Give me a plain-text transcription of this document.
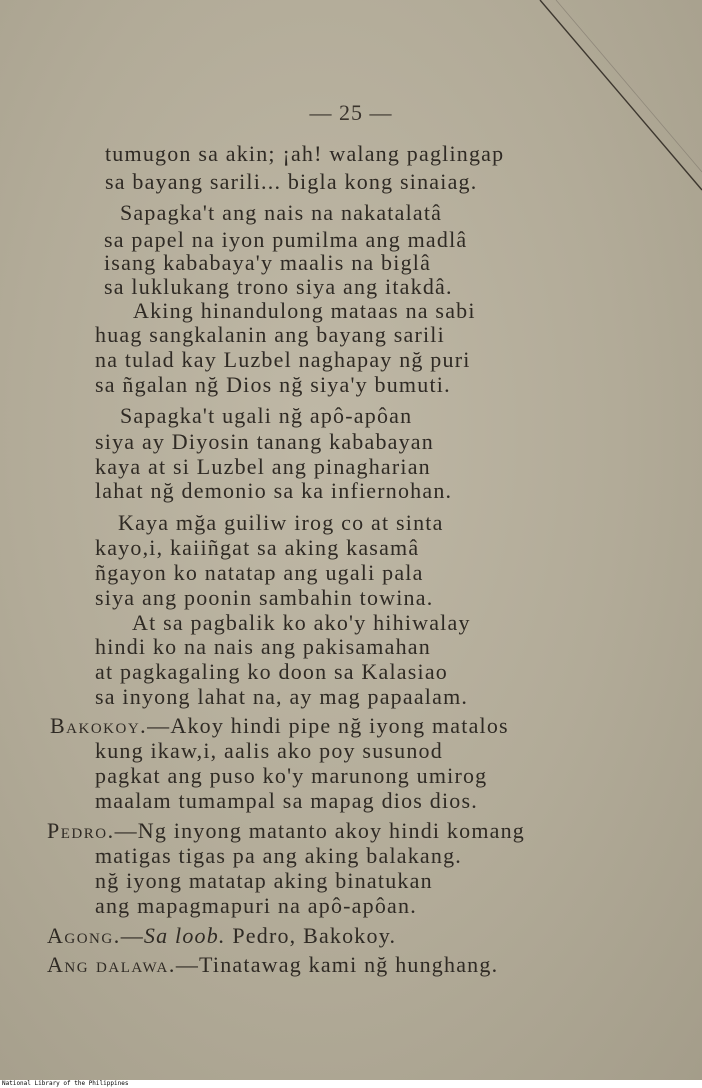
— 25 —
tumugon sa akin; ¡ah! walang paglingap
sa bayang sarili... bigla kong sinaiag.
Sapagka't ang nais na nakatalatâ
sa papel na iyon pumilma ang madlâ
isang kababaya'y maalis na biglâ
sa luklukang trono siya ang itakdâ.
Aking hinandulong mataas na sabi
huag sangkalanin ang bayang sarili
na tulad kay Luzbel naghapay nğ puri
sa ñgalan nğ Dios nğ siya'y bumuti.
Sapagka't ugali nğ apô-apôan
siya ay Diyosin tanang kababayan
kaya at si Luzbel ang pinagharian
lahat nğ demonio sa ka infiernohan.
Kaya mğa guiliw irog co at sinta
kayo,i, kaiiñgat sa aking kasamâ
ñgayon ko natatap ang ugali pala
siya ang poonin sambahin towina.
At sa pagbalik ko ako'y hihiwalay
hindi ko na nais ang pakisamahan
at pagkagaling ko doon sa Kalasiao
sa inyong lahat na, ay mag papaalam.
Bakokoy.—Akoy hindi pipe nğ iyong matalos
kung ikaw,i, aalis ako poy susunod
pagkat ang puso ko'y marunong umirog
maalam tumampal sa mapag dios dios.
Pedro.—Ng inyong matanto akoy hindi komang
matigas tigas pa ang aking balakang.
nğ iyong matatap aking binatukan
ang mapagmapuri na apô-apôan.
Agong.—Sa loob. Pedro, Bakokoy.
Ang dalawa.—Tinatawag kami nğ hunghang.
National Library of the Philippines
